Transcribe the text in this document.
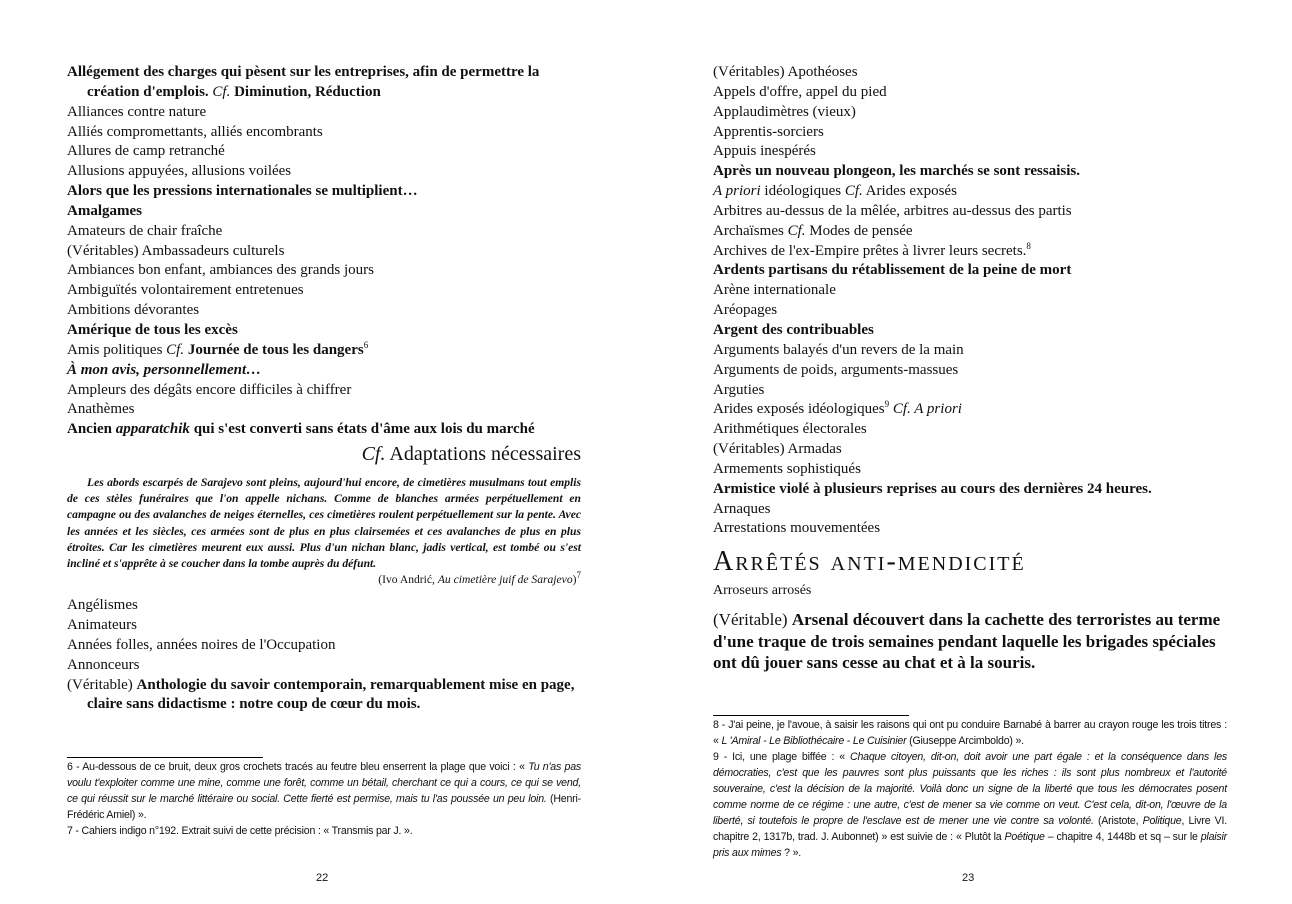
Allégement des charges qui pèsent sur les entreprises, afin de permettre la création d'emplois. Cf. Diminution, Réduction
Alliances contre nature
Alliés compromettants, alliés encombrants
Allures de camp retranché
Allusions appuyées, allusions voilées
Alors que les pressions internationales se multiplient…
Amalgames
Amateurs de chair fraîche
(Véritables) Ambassadeurs culturels
Ambiances bon enfant, ambiances des grands jours
Ambiguïtés volontairement entretenues
Ambitions dévorantes
Amérique de tous les excès
Amis politiques Cf. Journée de tous les dangers$^6$
À mon avis, personnellement…
Ampleurs des dégâts encore difficiles à chiffrer
Anathèmes
Ancien apparatchik qui s'est converti sans états d'âme aux lois du marché
Cf. Adaptations nécessaires
Les abords escarpés de Sarajevo sont pleins, aujourd'hui encore, de cimetières musulmans tout emplis de ces stèles funéraires que l'on appelle nichans. Comme de blanches armées perpétuellement en campagne ou des avalanches de neiges éternelles, ces cimetières roulent perpétuellement sur la pente. Avec les années et les siècles, ces armées sont de plus en plus clairsemées et ces avalanches de plus en plus étroites. Car les cimetières meurent eux aussi. Plus d'un nichan blanc, jadis vertical, est tombé ou s'est incliné et s'apprête à se coucher dans la tombe auprès du défunt.
(Ivo Andrić, Au cimetière juif de Sarajevo)$^7$
Angélismes
Animateurs
Années folles, années noires de l'Occupation
Annonceurs
(Véritable) Anthologie du savoir contemporain, remarquablement mise en page, claire sans didactisme : notre coup de cœur du mois.
6 - Au-dessous de ce bruit, deux gros crochets tracés au feutre bleu enserrent la plage que voici : « Tu n'as pas voulu t'exploiter comme une mine, comme une forêt, comme un bétail, cherchant ce qui a cours, ce qui se vend, ce qui réussit sur le marché littéraire ou social. Cette fierté est permise, mais tu l'as poussée un peu loin. (Henri-Frédéric Amiel) ».
7 - Cahiers indigo n°192. Extrait suivi de cette précision : « Transmis par J. ».
22
(Véritables) Apothéoses
Appels d'offre, appel du pied
Applaudimètres (vieux)
Apprentis-sorciers
Appuis inespérés
Après un nouveau plongeon, les marchés se sont ressaisis.
A priori idéologiques Cf. Arides exposés
Arbitres au-dessus de la mêlée, arbitres au-dessus des partis
Archaïsmes Cf. Modes de pensée
Archives de l'ex-Empire prêtes à livrer leurs secrets.$^8$
Ardents partisans du rétablissement de la peine de mort
Arène internationale
Aréopages
Argent des contribuables
Arguments balayés d'un revers de la main
Arguments de poids, arguments-massues
Arguties
Arides exposés idéologiques$^9$ Cf. A priori
Arithmétiques électorales
(Véritables) Armadas
Armements sophistiqués
Armistice violé à plusieurs reprises au cours des dernières 24 heures.
Arnaques
Arrestations mouvementées
Arrêtés anti-mendicité
Arroseurs arrosés
(Véritable) Arsenal découvert dans la cachette des terroristes au terme d'une traque de trois semaines pendant laquelle les brigades spéciales ont dû jouer sans cesse au chat et à la souris.
8 - J'ai peine, je l'avoue, à saisir les raisons qui ont pu conduire Barnabé à barrer au crayon rouge les trois titres : « L 'Amiral - Le Bibliothécaire - Le Cuisinier (Giuseppe Arcimboldo) ».
9 - Ici, une plage biffée : « Chaque citoyen, dit-on, doit avoir une part égale : et la conséquence dans les démocraties, c'est que les pauvres sont plus puissants que les riches : ils sont plus nombreux et l'autorité souveraine, c'est la décision de la majorité. Voilà donc un signe de la liberté que tous les démocrates posent comme norme de ce régime : une autre, c'est de mener sa vie comme on veut. C'est cela, dit-on, l'œuvre de la liberté, si toutefois le propre de l'esclave est de mener une vie contre sa volonté. (Aristote, Politique, Livre VI. chapitre 2, 1317b, trad. J. Aubonnet) » est suivie de : « Plutôt la Poétique – chapitre 4, 1448b et sq – sur le plaisir pris aux mimes ? ».
23
